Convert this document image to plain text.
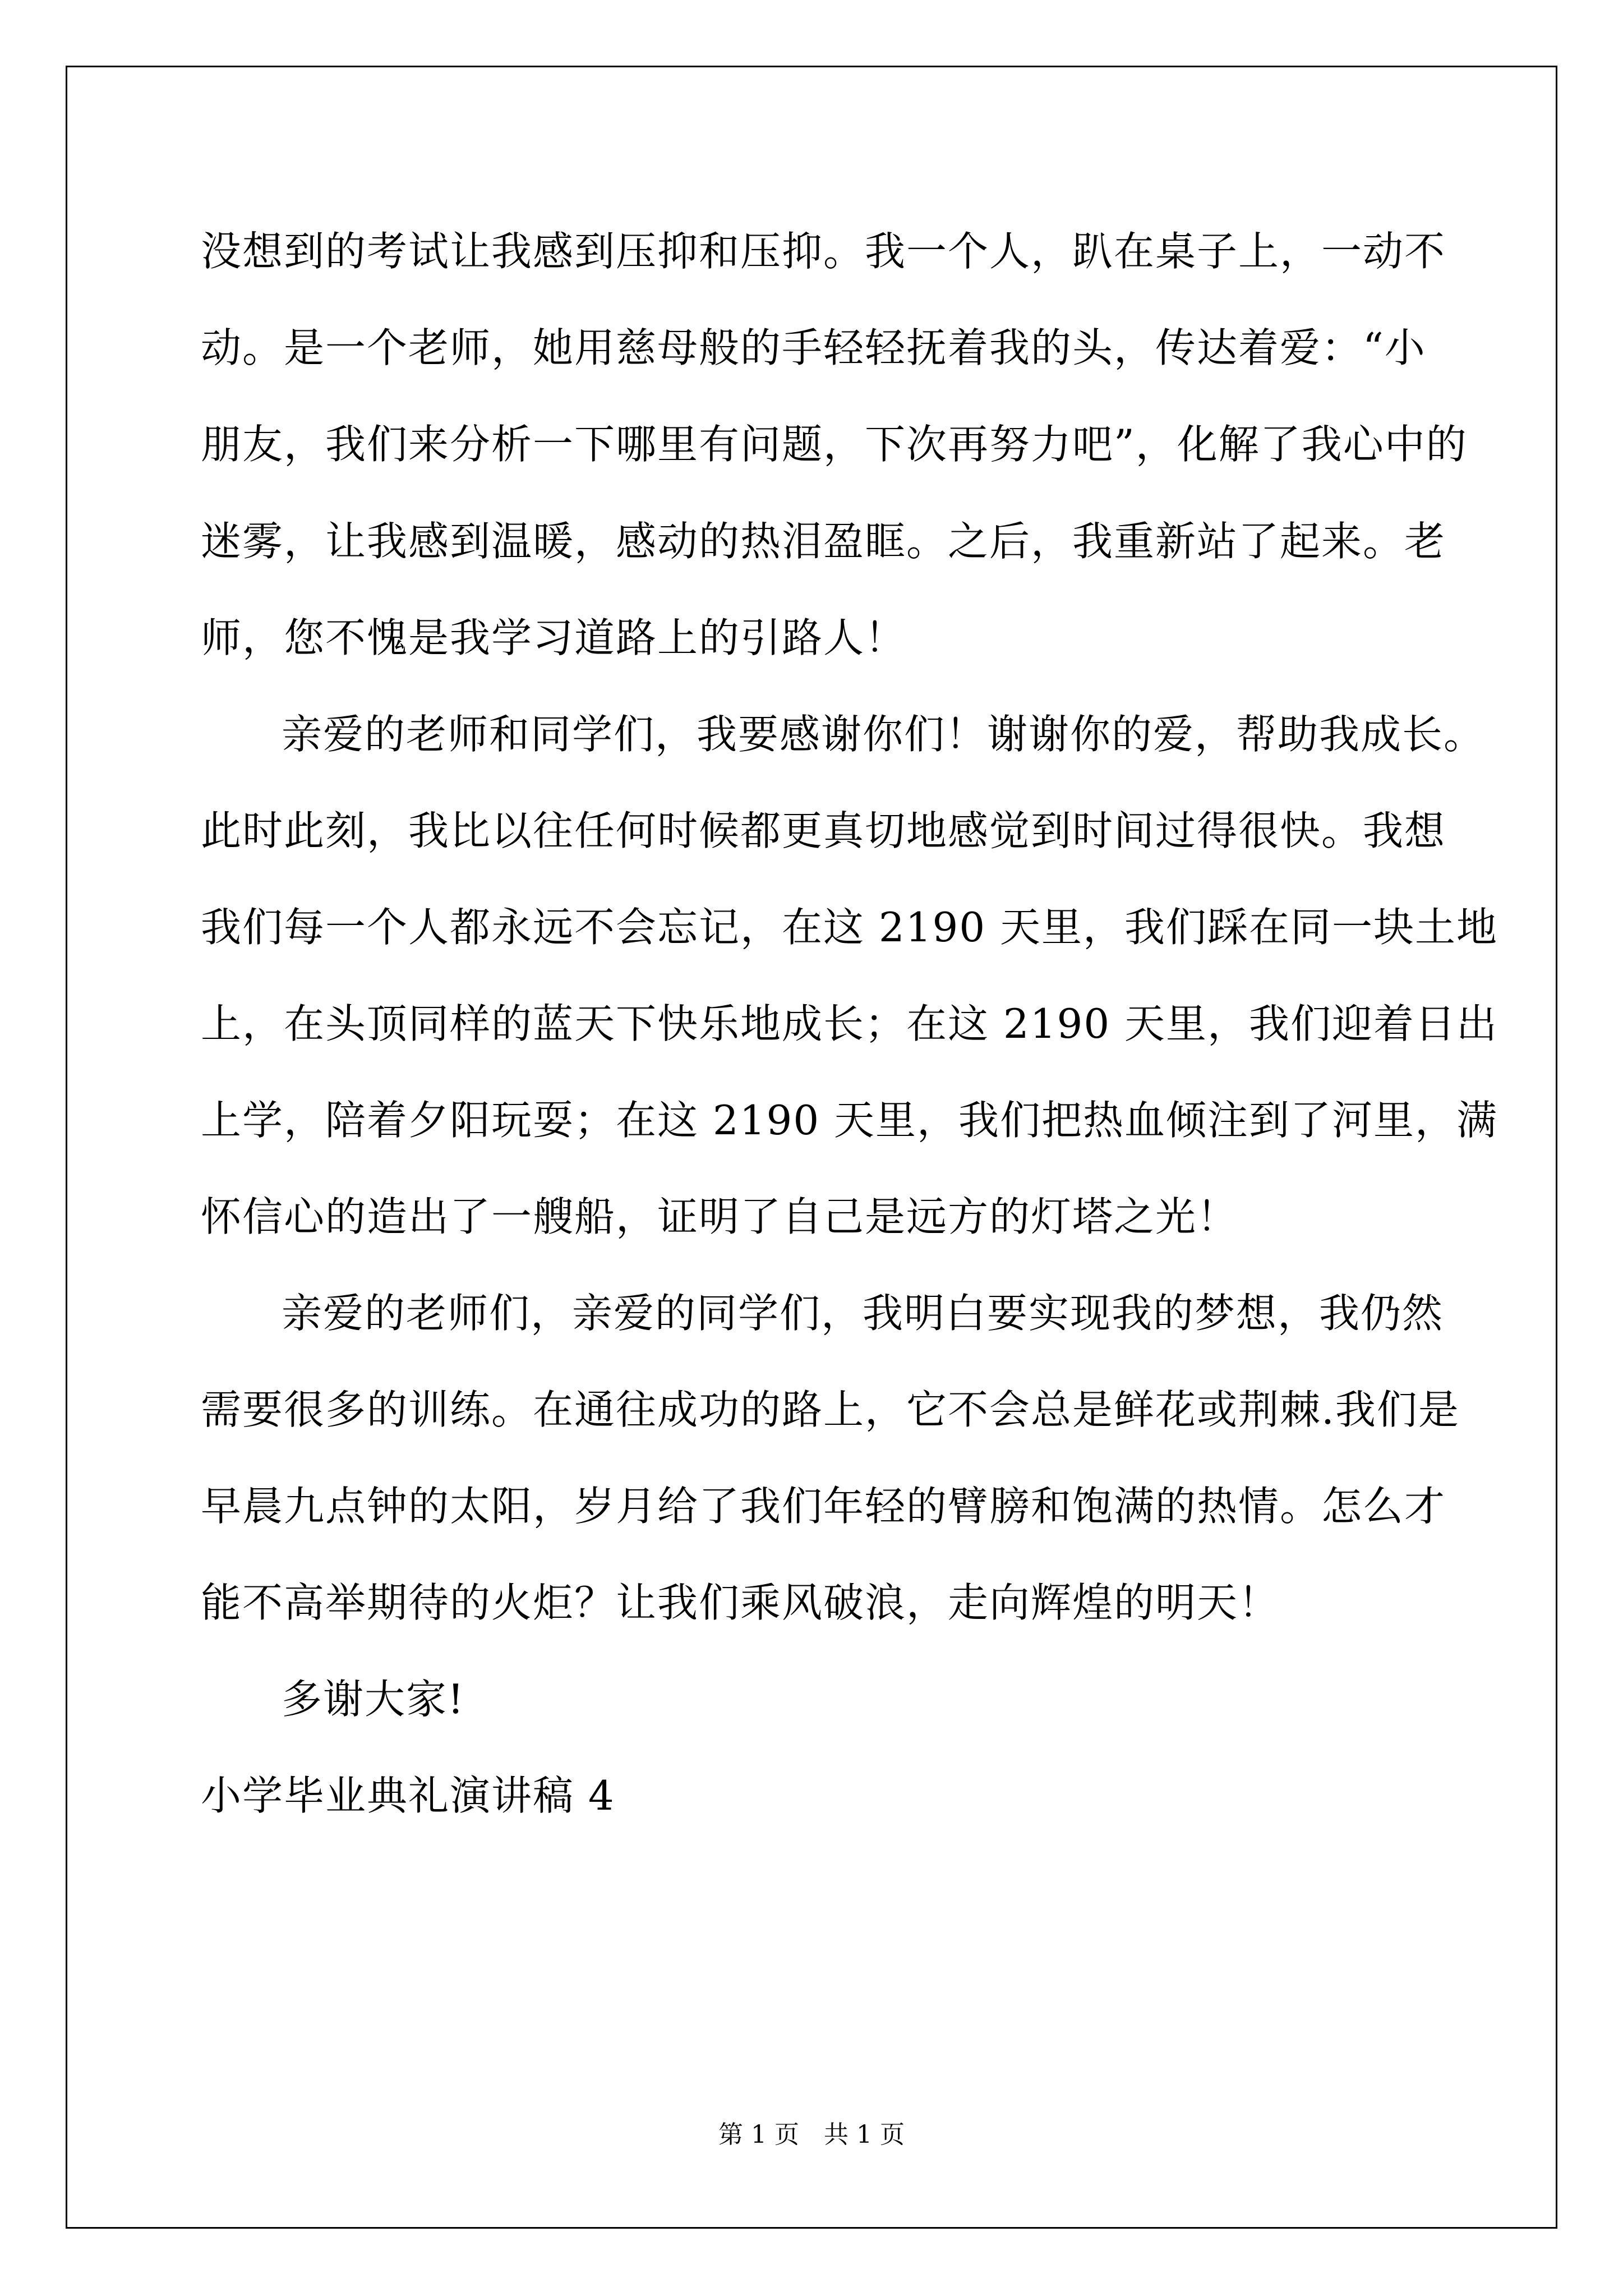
没想到的考试让我感到压抑和压抑。我一个人，趴在桌子上，一动不

动。是一个老师，她用慈母般的手轻轻抚着我的头，传达着爱：“小

朋友，我们来分析一下哪里有问题，下次再努力吧”，化解了我心中的

迷雾，让我感到温暖，感动的热泪盈眶。之后，我重新站了起来。老

师，您不愧是我学习道路上的引路人！

亲爱的老师和同学们，我要感谢你们！谢谢你的爱，帮助我成长。

此时此刻，我比以往任何时候都更真切地感觉到时间过得很快。我想

我们每一个人都永远不会忘记，在这 2190 天里，我们踩在同一块土地

上，在头顶同样的蓝天下快乐地成长；在这 2190 天里，我们迎着日出

上学，陪着夕阳玩耍；在这 2190 天里，我们把热血倾注到了河里，满

怀信心的造出了一艘船，证明了自己是远方的灯塔之光！

亲爱的老师们，亲爱的同学们，我明白要实现我的梦想，我仍然

需要很多的训练。在通往成功的路上，它不会总是鲜花或荆棘.我们是

早晨九点钟的太阳，岁月给了我们年轻的臂膀和饱满的热情。怎么才

能不高举期待的火炬？让我们乘风破浪，走向辉煌的明天！

多谢大家!

小学毕业典礼演讲稿 4

第 1 页　共 1 页
